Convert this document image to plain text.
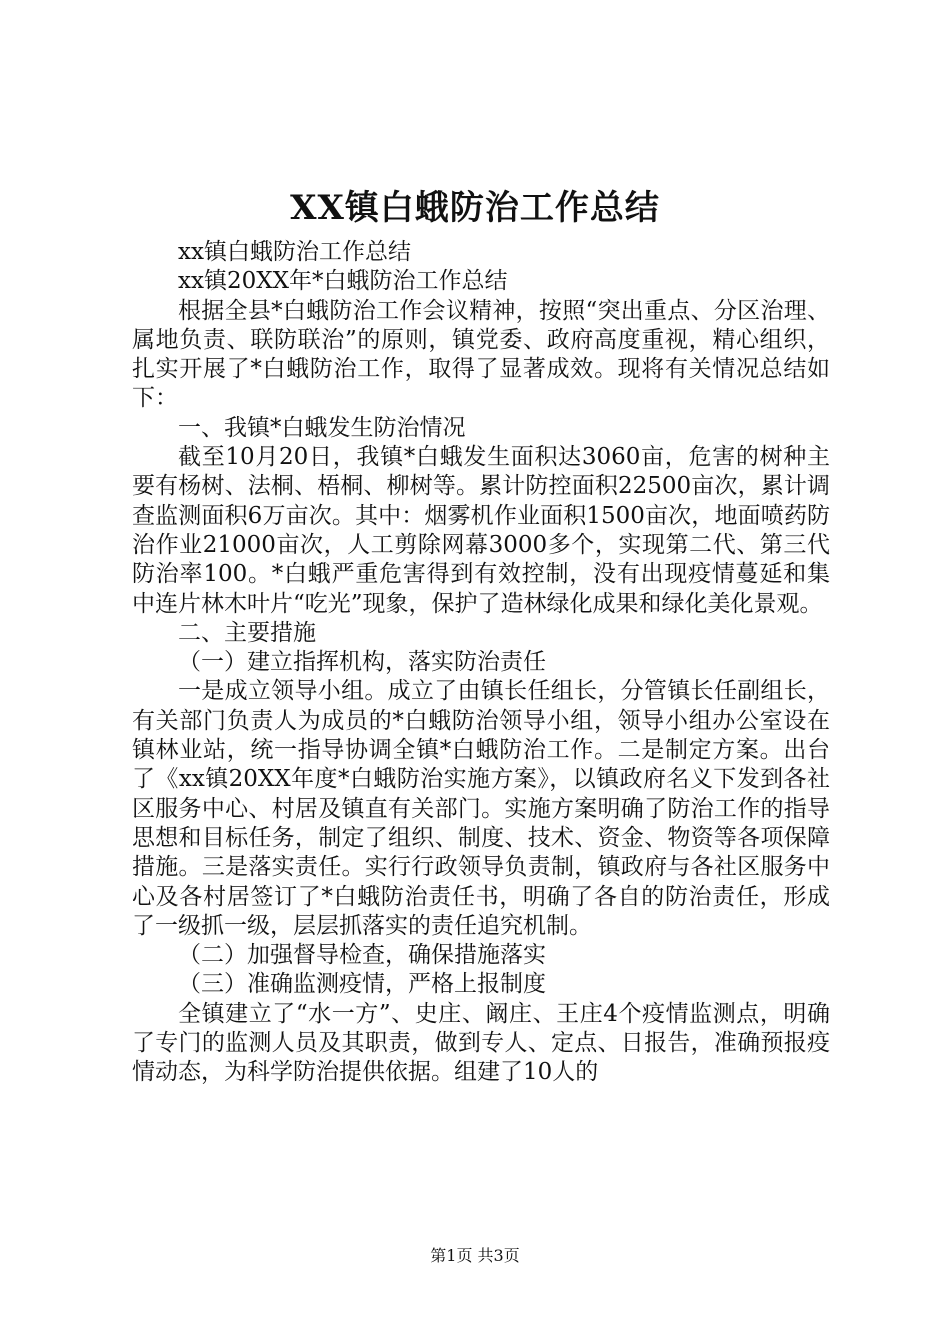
XX镇白蛾防治工作总结

xx镇白蛾防治工作总结

xx镇20XX年*白蛾防治工作总结

根据全县*白蛾防治工作会议精神，按照“突出重点、分区治理、属地负责、联防联治”的原则，镇党委、政府高度重视，精心组织，扎实开展了*白蛾防治工作，取得了显著成效。现将有关情况总结如下：

一、我镇*白蛾发生防治情况

截至10月20日，我镇*白蛾发生面积达3060亩，危害的树种主要有杨树、法桐、梧桐、柳树等。累计防控面积22500亩次，累计调查监测面积6万亩次。其中：烟雾机作业面积1500亩次，地面喷药防治作业21000亩次，人工剪除网幕3000多个，实现第二代、第三代防治率100。*白蛾严重危害得到有效控制，没有出现疫情蔓延和集中连片林木叶片“吃光”现象，保护了造林绿化成果和绿化美化景观。

二、主要措施

（一）建立指挥机构，落实防治责任

一是成立领导小组。成立了由镇长任组长，分管镇长任副组长，有关部门负责人为成员的*白蛾防治领导小组，领导小组办公室设在镇林业站，统一指导协调全镇*白蛾防治工作。二是制定方案。出台了《xx镇20XX年度*白蛾防治实施方案》，以镇政府名义下发到各社区服务中心、村居及镇直有关部门。实施方案明确了防治工作的指导思想和目标任务，制定了组织、制度、技术、资金、物资等各项保障措施。三是落实责任。实行行政领导负责制，镇政府与各社区服务中心及各村居签订了*白蛾防治责任书，明确了各自的防治责任，形成了一级抓一级，层层抓落实的责任追究机制。

（二）加强督导检查，确保措施落实

（三）准确监测疫情，严格上报制度

全镇建立了“水一方”、史庄、阚庄、王庄4个疫情监测点，明确了专门的监测人员及其职责，做到专人、定点、日报告，准确预报疫情动态，为科学防治提供依据。组建了10人的

第1页 共3页
